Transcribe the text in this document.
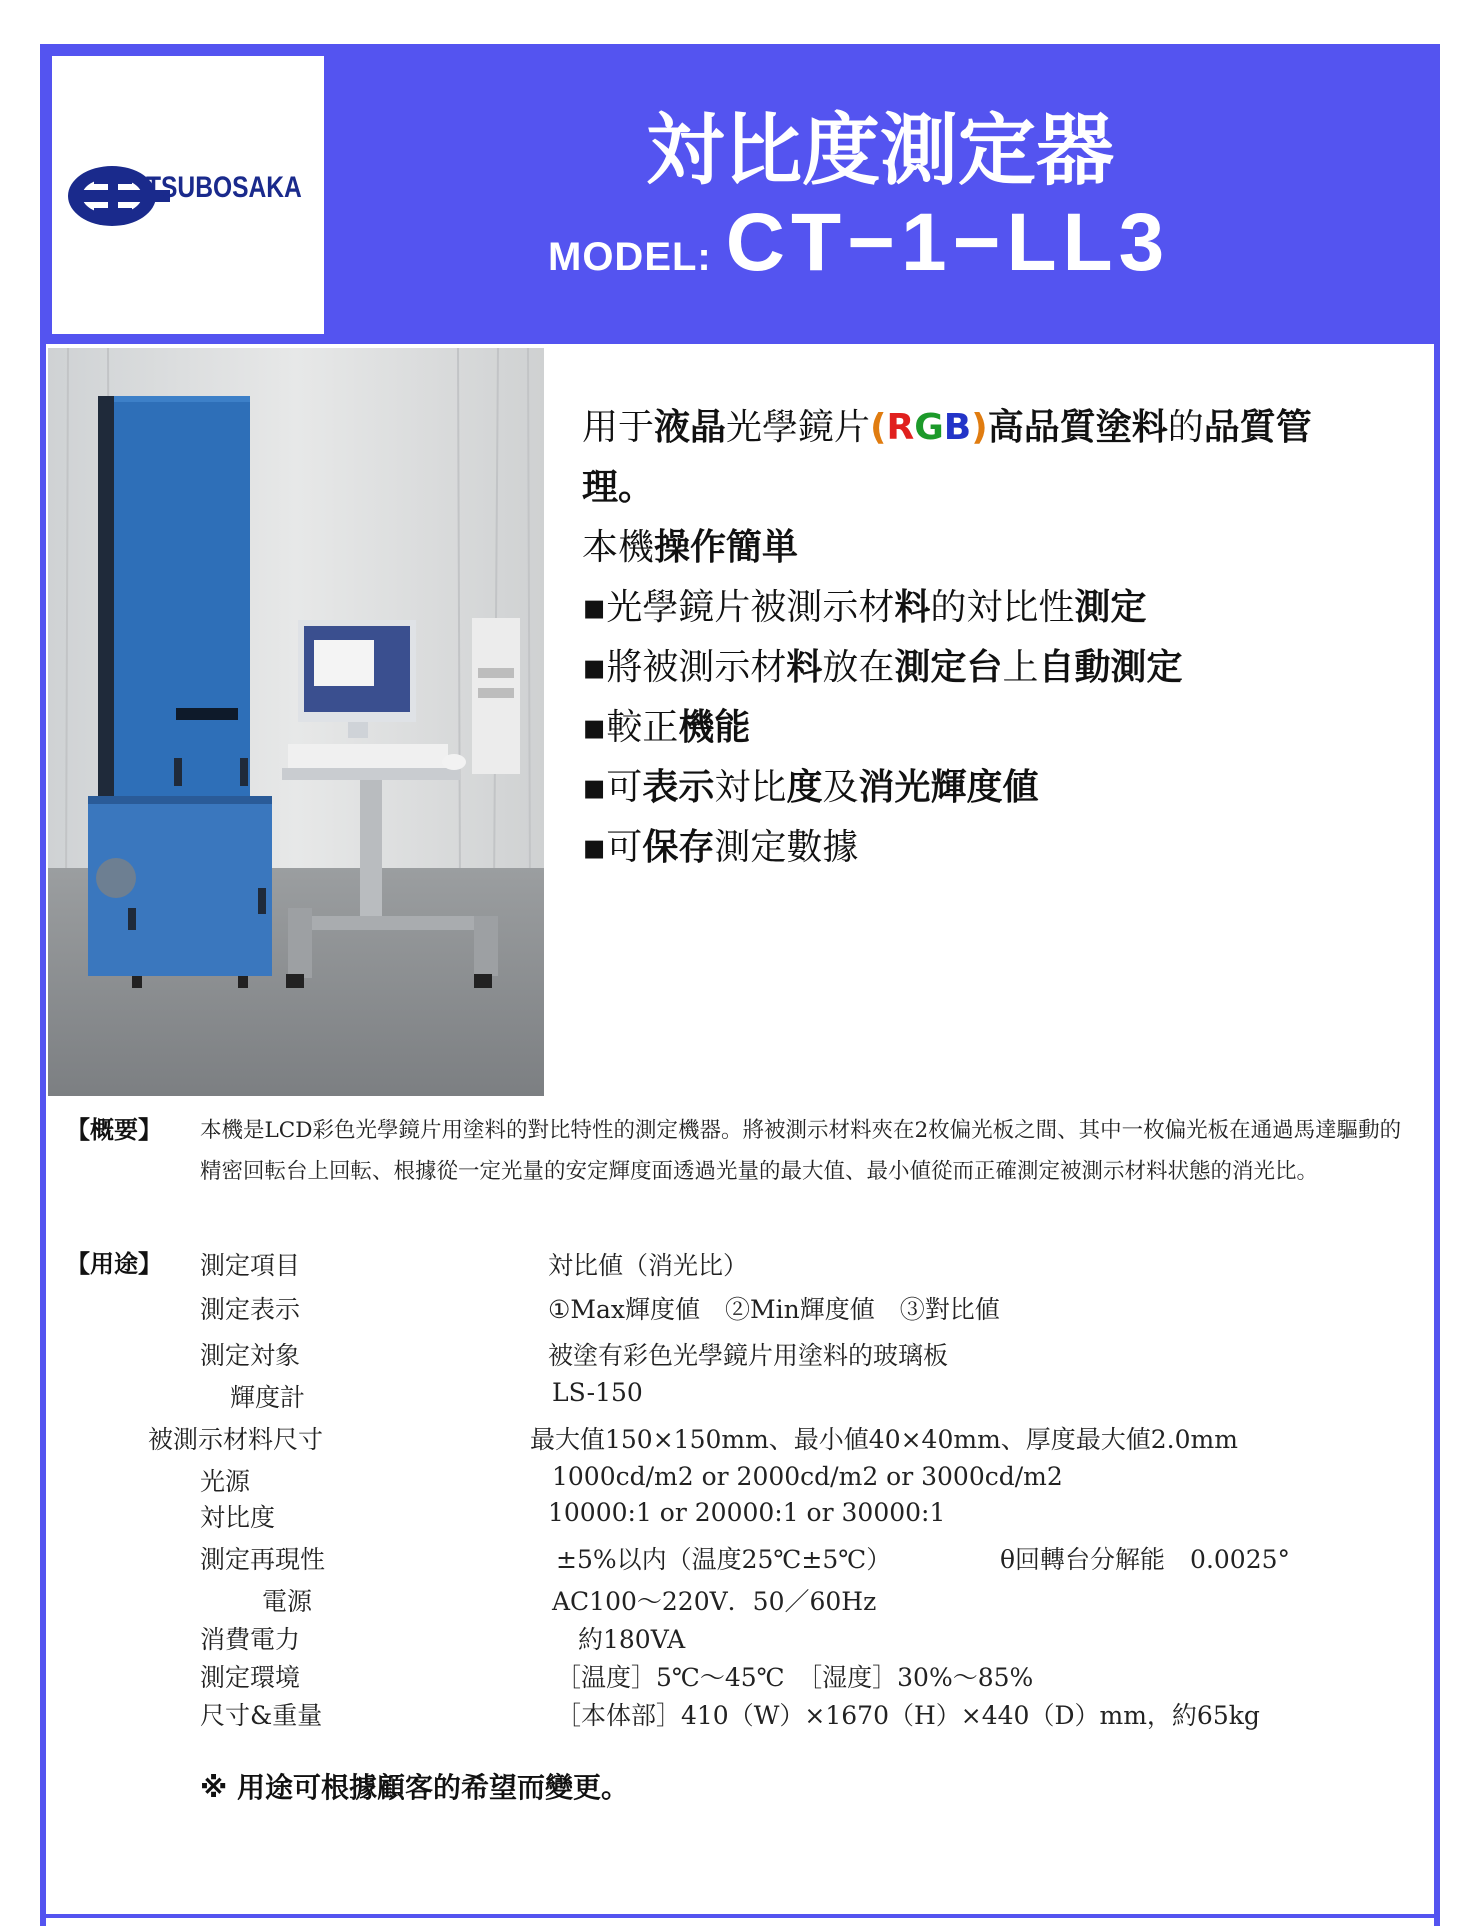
TSUBOSAKA	対比度測定器
MODEL: CT−1−LL3
用于液晶光學鏡片(RGB)高品質塗料的品質管
理。
本機操作簡単
▪光學鏡片被測示材料的対比性測定
▪將被測示材料放在測定台上自動測定
▪較正機能
▪可表示対比度及消光輝度値
▪可保存測定數據
【概要】 本機是LCD彩色光學鏡片用塗料的對比特性的測定機器。將被測示材料夾在2枚偏光板之間、其中一枚偏光板在通過馬達驅動的精密回転台上回転、根據從一定光量的安定輝度面透過光量的最大值、最小値從而正確測定被測示材料状態的消光比。
【用途】 測定項目	対比値（消光比）
測定表示	①Max輝度値　②Min輝度値　③對比値
測定対象	被塗有彩色光學鏡片用塗料的玻璃板
輝度計	LS-150
被測示材料尺寸	最大值150×150mm、最小値40×40mm、厚度最大値2.0mm
光源	1000cd/m2 or 2000cd/m2 or 3000cd/m2
対比度	10000:1 or 20000:1 or 30000:1
測定再現性	±5%以内（温度25℃±5℃）	θ回轉台分解能　0.0025°
電源	AC100～220V．50／60Hz
消費電力	約180VA
測定環境	［温度］5℃～45℃　［湿度］30%～85%
尺寸&重量	［本体部］410（W）×1670（H）×440（D）mm，約65kg
※ 用途可根據顧客的希望而變更。
